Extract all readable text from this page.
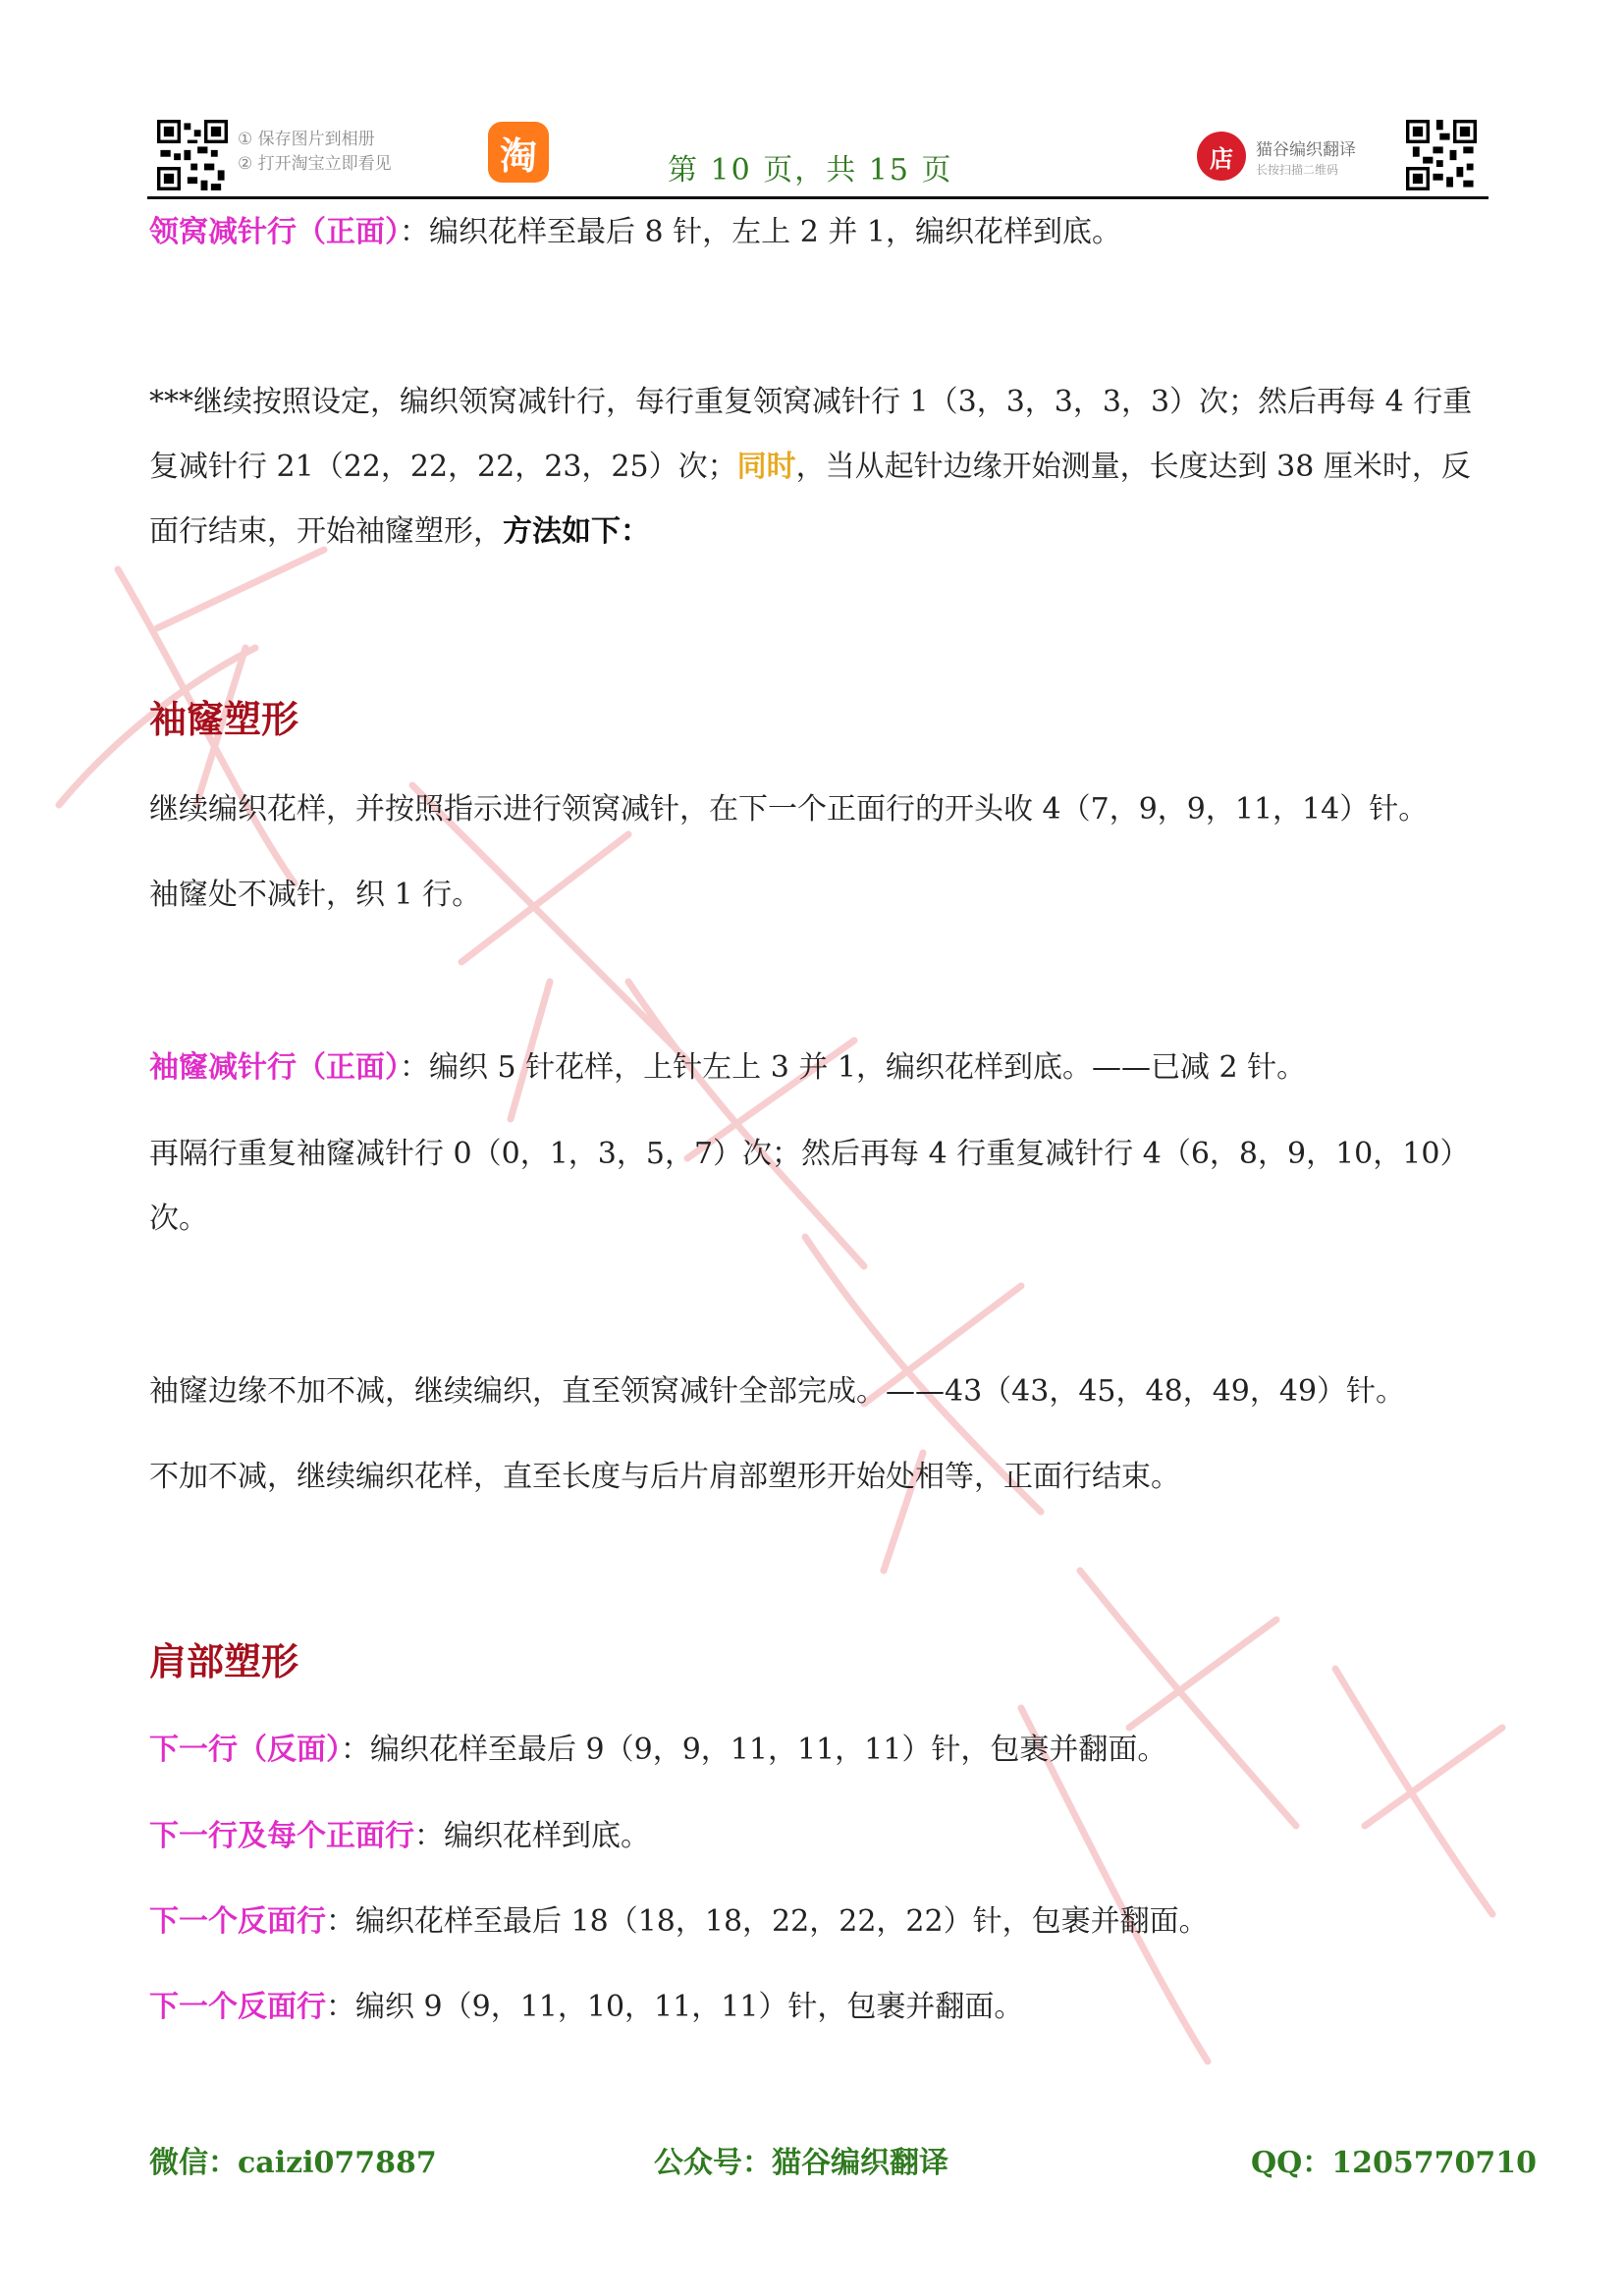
① 保存图片到相册
② 打开淘宝立即看见	淘	第 10 页，共 15 页	店	猫谷编织翻译
长按扫描二维码

领窝减针行（正面）：编织花样至最后 8 针，左上 2 并 1，编织花样到底。

***继续按照设定，编织领窝减针行，每行重复领窝减针行 1（3，3，3，3，3）次；然后再每 4 行重复减针行 21（22，22，22，23，25）次；同时，当从起针边缘开始测量，长度达到 38 厘米时，反面行结束，开始袖窿塑形，方法如下：

袖窿塑形

继续编织花样，并按照指示进行领窝减针，在下一个正面行的开头收 4（7，9，9，11，14）针。

袖窿处不减针，织 1 行。

袖窿减针行（正面）：编织 5 针花样，上针左上 3 并 1，编织花样到底。——已减 2 针。

再隔行重复袖窿减针行 0（0，1，3，5，7）次；然后再每 4 行重复减针行 4（6，8，9，10，10）次。

袖窿边缘不加不减，继续编织，直至领窝减针全部完成。——43（43，45，48，49，49）针。

不加不减，继续编织花样，直至长度与后片肩部塑形开始处相等，正面行结束。

肩部塑形

下一行（反面）：编织花样至最后 9（9，9，11，11，11）针，包裹并翻面。

下一行及每个正面行：编织花样到底。

下一个反面行：编织花样至最后 18（18，18，22，22，22）针，包裹并翻面。

下一个反面行：编织 9（9，11，10，11，11）针，包裹并翻面。

微信：caizi077887	公众号：猫谷编织翻译	QQ：1205770710
